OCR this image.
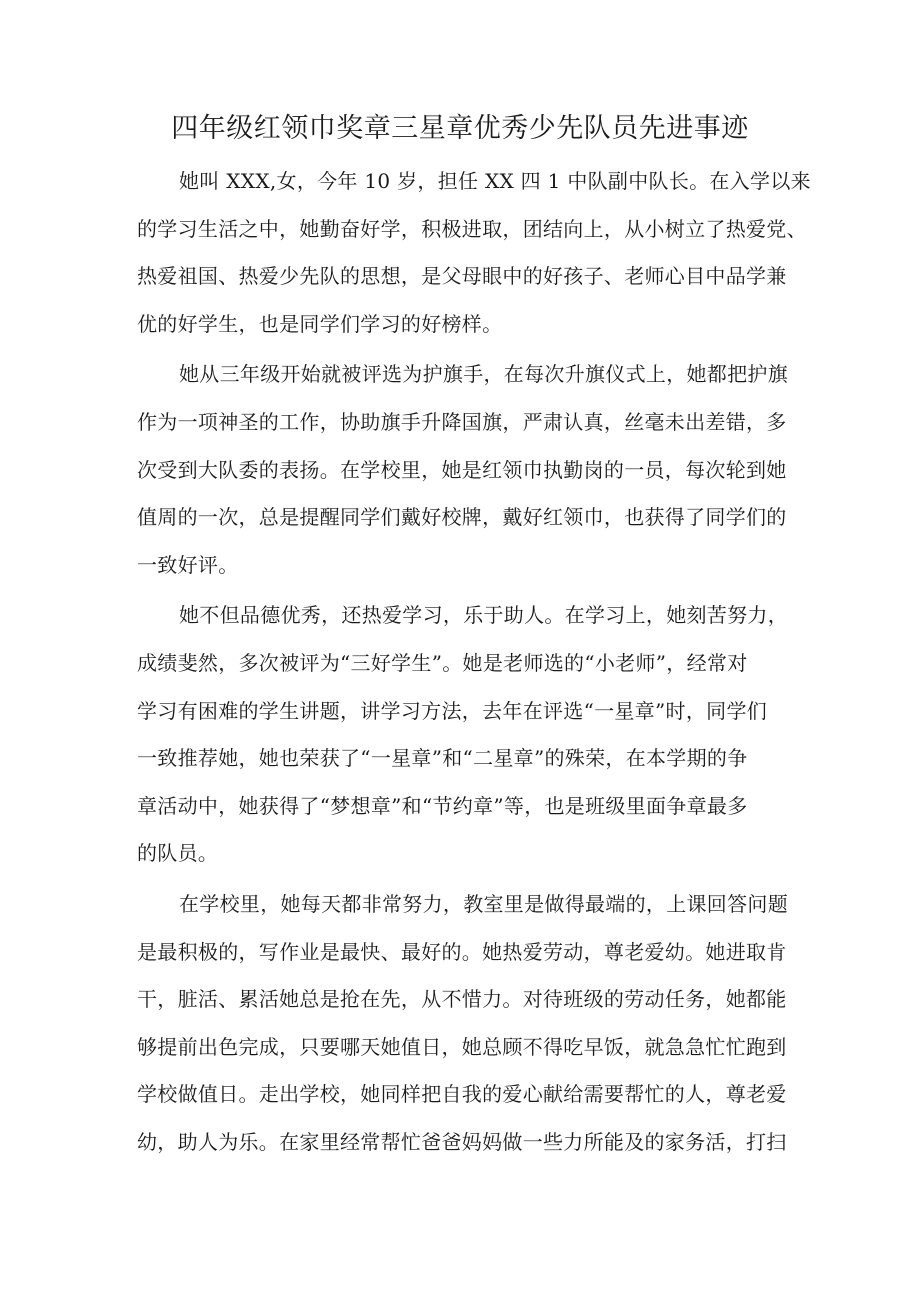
四年级红领巾奖章三星章优秀少先队员先进事迹
她叫 XXX,女，今年 10 岁，担任 XX 四 1 中队副中队长。在入学以来
的学习生活之中，她勤奋好学，积极进取，团结向上，从小树立了热爱党、
热爱祖国、热爱少先队的思想，是父母眼中的好孩子、老师心目中品学兼
优的好学生，也是同学们学习的好榜样。
她从三年级开始就被评选为护旗手，在每次升旗仪式上，她都把护旗
作为一项神圣的工作，协助旗手升降国旗，严肃认真，丝毫未出差错，多
次受到大队委的表扬。在学校里，她是红领巾执勤岗的一员，每次轮到她
值周的一次，总是提醒同学们戴好校牌，戴好红领巾，也获得了同学们的
一致好评。
她不但品德优秀，还热爱学习，乐于助人。在学习上，她刻苦努力，
成绩斐然，多次被评为“三好学生”。她是老师选的“小老师”，经常对
学习有困难的学生讲题，讲学习方法，去年在评选“一星章”时，同学们
一致推荐她，她也荣获了“一星章”和“二星章”的殊荣，在本学期的争
章活动中，她获得了“梦想章”和“节约章”等，也是班级里面争章最多
的队员。
在学校里，她每天都非常努力，教室里是做得最端的，上课回答问题
是最积极的，写作业是最快、最好的。她热爱劳动，尊老爱幼。她进取肯
干，脏活、累活她总是抢在先，从不惜力。对待班级的劳动任务，她都能
够提前出色完成，只要哪天她值日，她总顾不得吃早饭，就急急忙忙跑到
学校做值日。走出学校，她同样把自我的爱心献给需要帮忙的人，尊老爱
幼，助人为乐。在家里经常帮忙爸爸妈妈做一些力所能及的家务活，打扫
